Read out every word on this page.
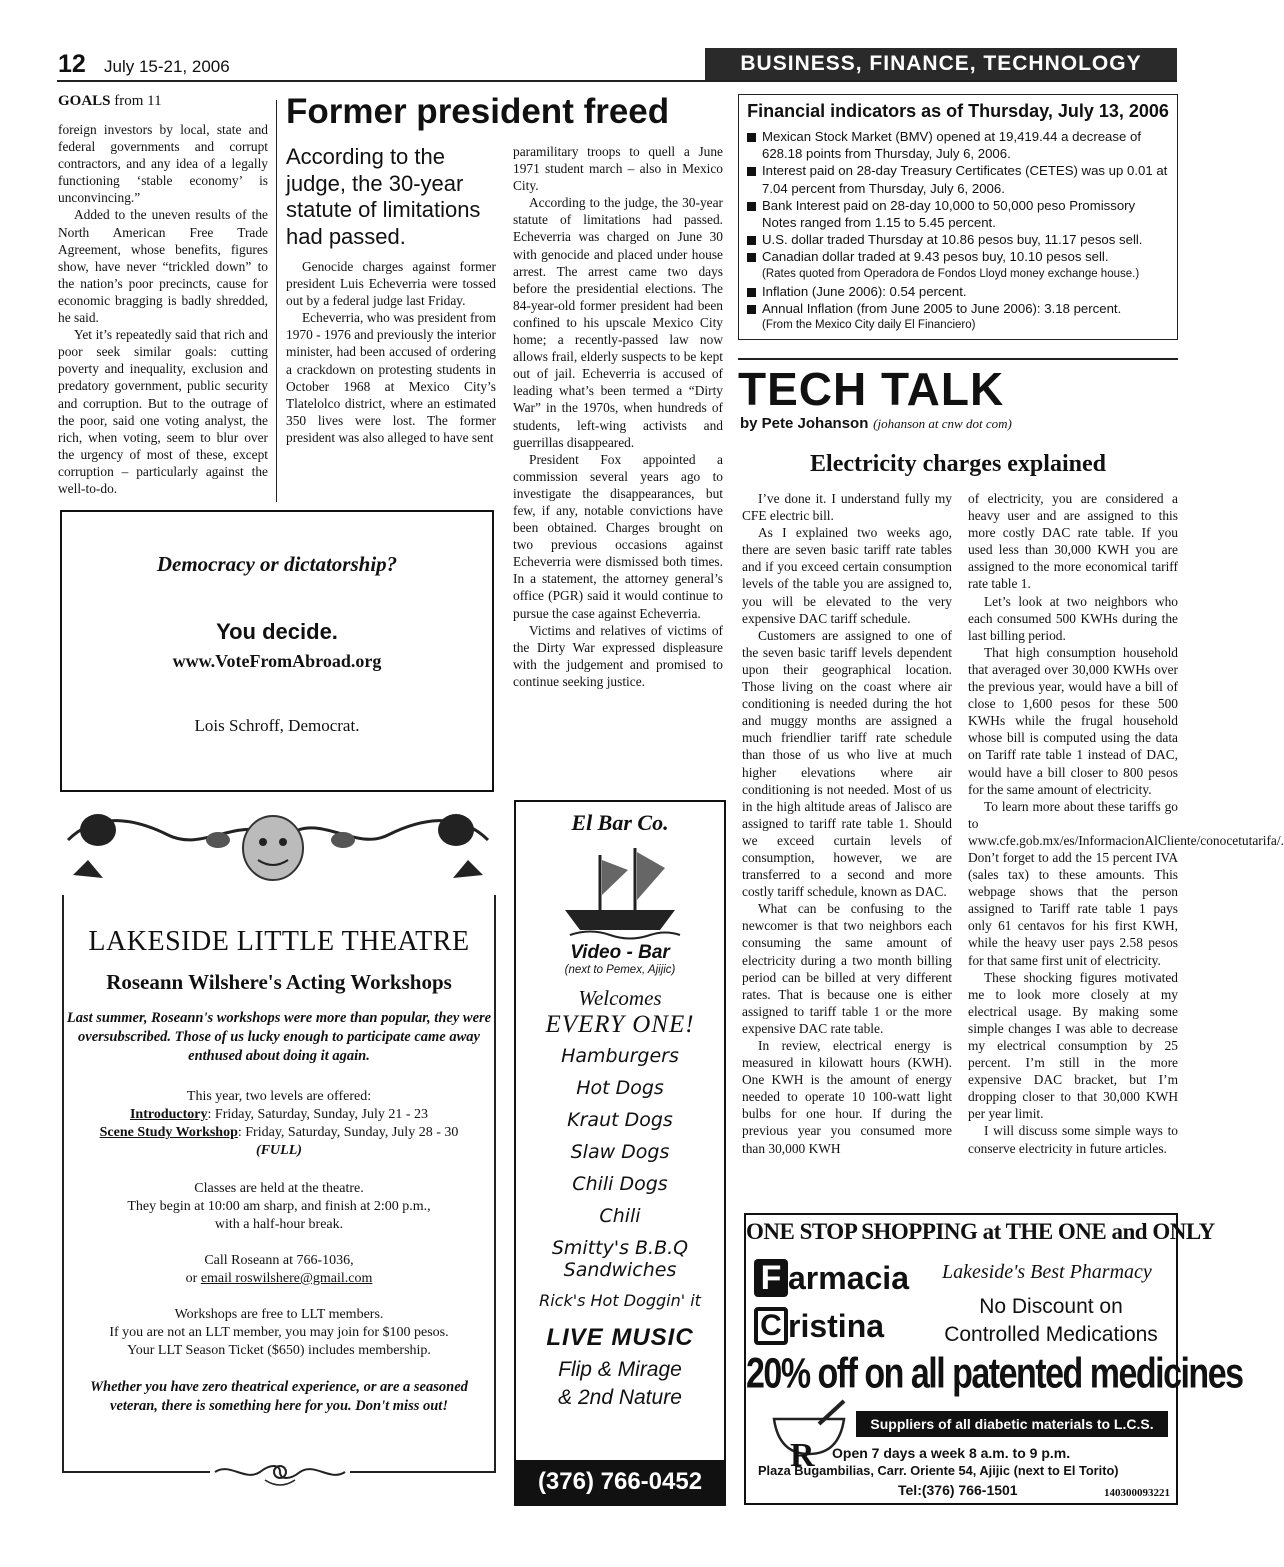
12 July 15-21, 2006	BUSINESS, FINANCE, TECHNOLOGY
GOALS from 11

foreign investors by local, state and federal governments and corrupt contractors, and any idea of a legally functioning ‘stable economy’ is unconvincing.”

Added to the uneven results of the North American Free Trade Agreement, whose benefits, figures show, have never “trickled down” to the nation’s poor precincts, cause for economic bragging is badly shredded, he said.

Yet it’s repeatedly said that rich and poor seek similar goals: cutting poverty and inequality, exclusion and predatory government, public security and corruption. But to the outrage of the poor, said one voting analyst, the rich, when voting, seem to blur over the urgency of most of these, except corruption – particularly against the well-to-do.

Former president freed
According to the judge, the 30-year statute of limitations had passed.

Genocide charges against former president Luis Echeverria were tossed out by a federal judge last Friday.

Echeverria, who was president from 1970 - 1976 and previously the interior minister, had been accused of ordering a crackdown on protesting students in October 1968 at Mexico City’s Tlatelolco district, where an estimated 350 lives were lost. The former president was also alleged to have sent

paramilitary troops to quell a June 1971 student march – also in Mexico City.

According to the judge, the 30-year statute of limitations had passed. Echeverria was charged on June 30 with genocide and placed under house arrest. The arrest came two days before the presidential elections. The 84-year-old former president had been confined to his upscale Mexico City home; a recently-passed law now allows frail, elderly suspects to be kept out of jail. Echeverria is accused of leading what’s been termed a “Dirty War” in the 1970s, when hundreds of students, left-wing activists and guerrillas disappeared.

President Fox appointed a commission several years ago to investigate the disappearances, but few, if any, notable convictions have been obtained. Charges brought on two previous occasions against Echeverria were dismissed both times. In a statement, the attorney general’s office (PGR) said it would continue to pursue the case against Echeverria.

Victims and relatives of victims of the Dirty War expressed displeasure with the judgement and promised to continue seeking justice.

Democracy or dictatorship?
You decide.
www.VoteFromAbroad.org
Lois Schroff, Democrat.
LAKESIDE LITTLE THEATRE
Roseann Wilshere's Acting Workshops
Last summer, Roseann's workshops were more than popular, they were oversubscribed. Those of us lucky enough to participate came away enthused about doing it again.
This year, two levels are offered:
Introductory: Friday, Saturday, Sunday, July 21 - 23
Scene Study Workshop: Friday, Saturday, Sunday, July 28 - 30
(FULL)
Classes are held at the theatre.
They begin at 10:00 am sharp, and finish at 2:00 p.m.,
with a half-hour break.
Call Roseann at 766-1036,
or email roswilshere@gmail.com
Workshops are free to LLT members.
If you are not an LLT member, you may join for $100 pesos.
Your LLT Season Ticket ($650) includes membership.
Whether you have zero theatrical experience, or are a seasoned veteran, there is something here for you. Don't miss out!
El Bar Co.
Video - Bar
(next to Pemex, Ajijic)
Welcomes
EVERY ONE!
Hamburgers
Hot Dogs
Kraut Dogs
Slaw Dogs
Chili Dogs
Chili
Smitty's B.B.Q Sandwiches
Rick's Hot Doggin' it
LIVE MUSIC
Flip & Mirage
& 2nd Nature
(376) 766-0452
Financial indicators as of Thursday, July 13, 2006
Mexican Stock Market (BMV) opened at 19,419.44 a decrease of 628.18 points from Thursday, July 6, 2006.
Interest paid on 28-day Treasury Certificates (CETES) was up 0.01 at 7.04 percent from Thursday, July 6, 2006.
Bank Interest paid on 28-day 10,000 to 50,000 peso Promissory Notes ranged from 1.15 to 5.45 percent.
U.S. dollar traded Thursday at 10.86 pesos buy, 11.17 pesos sell.
Canadian dollar traded at 9.43 pesos buy, 10.10 pesos sell.
(Rates quoted from Operadora de Fondos Lloyd money exchange house.)
Inflation (June 2006): 0.54 percent.
Annual Inflation (from June 2005 to June 2006): 3.18 percent.
(From the Mexico City daily El Financiero)
TECH TALK
by Pete Johanson (johanson at cnw dot com)
Electricity charges explained

I’ve done it. I understand fully my CFE electric bill.

As I explained two weeks ago, there are seven basic tariff rate tables and if you exceed certain consumption levels of the table you are assigned to, you will be elevated to the very expensive DAC tariff schedule.

Customers are assigned to one of the seven basic tariff levels dependent upon their geographical location. Those living on the coast where air conditioning is needed during the hot and muggy months are assigned a much friendlier tariff rate schedule than those of us who live at much higher elevations where air conditioning is not needed. Most of us in the high altitude areas of Jalisco are assigned to tariff rate table 1. Should we exceed curtain levels of consumption, however, we are transferred to a second and more costly tariff schedule, known as DAC.

What can be confusing to the newcomer is that two neighbors each consuming the same amount of electricity during a two month billing period can be billed at very different rates. That is because one is either assigned to tariff table 1 or the more expensive DAC rate table.

In review, electrical energy is measured in kilowatt hours (KWH). One KWH is the amount of energy needed to operate 10 100-watt light bulbs for one hour. If during the previous year you consumed more than 30,000 KWH

of electricity, you are considered a heavy user and are assigned to this more costly DAC rate table. If you used less than 30,000 KWH you are assigned to the more economical tariff rate table 1.

Let’s look at two neighbors who each consumed 500 KWHs during the last billing period.

That high consumption household that averaged over 30,000 KWHs over the previous year, would have a bill of close to 1,600 pesos for these 500 KWHs while the frugal household whose bill is computed using the data on Tariff rate table 1 instead of DAC, would have a bill closer to 800 pesos for the same amount of electricity.

To learn more about these tariffs go to www.cfe.gob.mx/es/InformacionAlCliente/conocetutarifa/. Don’t forget to add the 15 percent IVA (sales tax) to these amounts. This webpage shows that the person assigned to Tariff rate table 1 pays only 61 centavos for his first KWH, while the heavy user pays 2.58 pesos for that same first unit of electricity.

These shocking figures motivated me to look more closely at my electrical usage. By making some simple changes I was able to decrease my electrical consumption by 25 percent. I’m still in the more expensive DAC bracket, but I’m dropping closer to that 30,000 KWH per year limit.

I will discuss some simple ways to conserve electricity in future articles.

ONE STOP SHOPPING at THE ONE and ONLY
F armacia
C ristina
Lakeside's Best Pharmacy
No Discount on
Controlled Medications
20% off on all patented medicines
Suppliers of all diabetic materials to L.C.S.
R Open 7 days a week 8 a.m. to 9 p.m.
Plaza Bugambilias, Carr. Oriente 54, Ajijic (next to El Torito)
Tel:(376) 766-1501	140300093221
